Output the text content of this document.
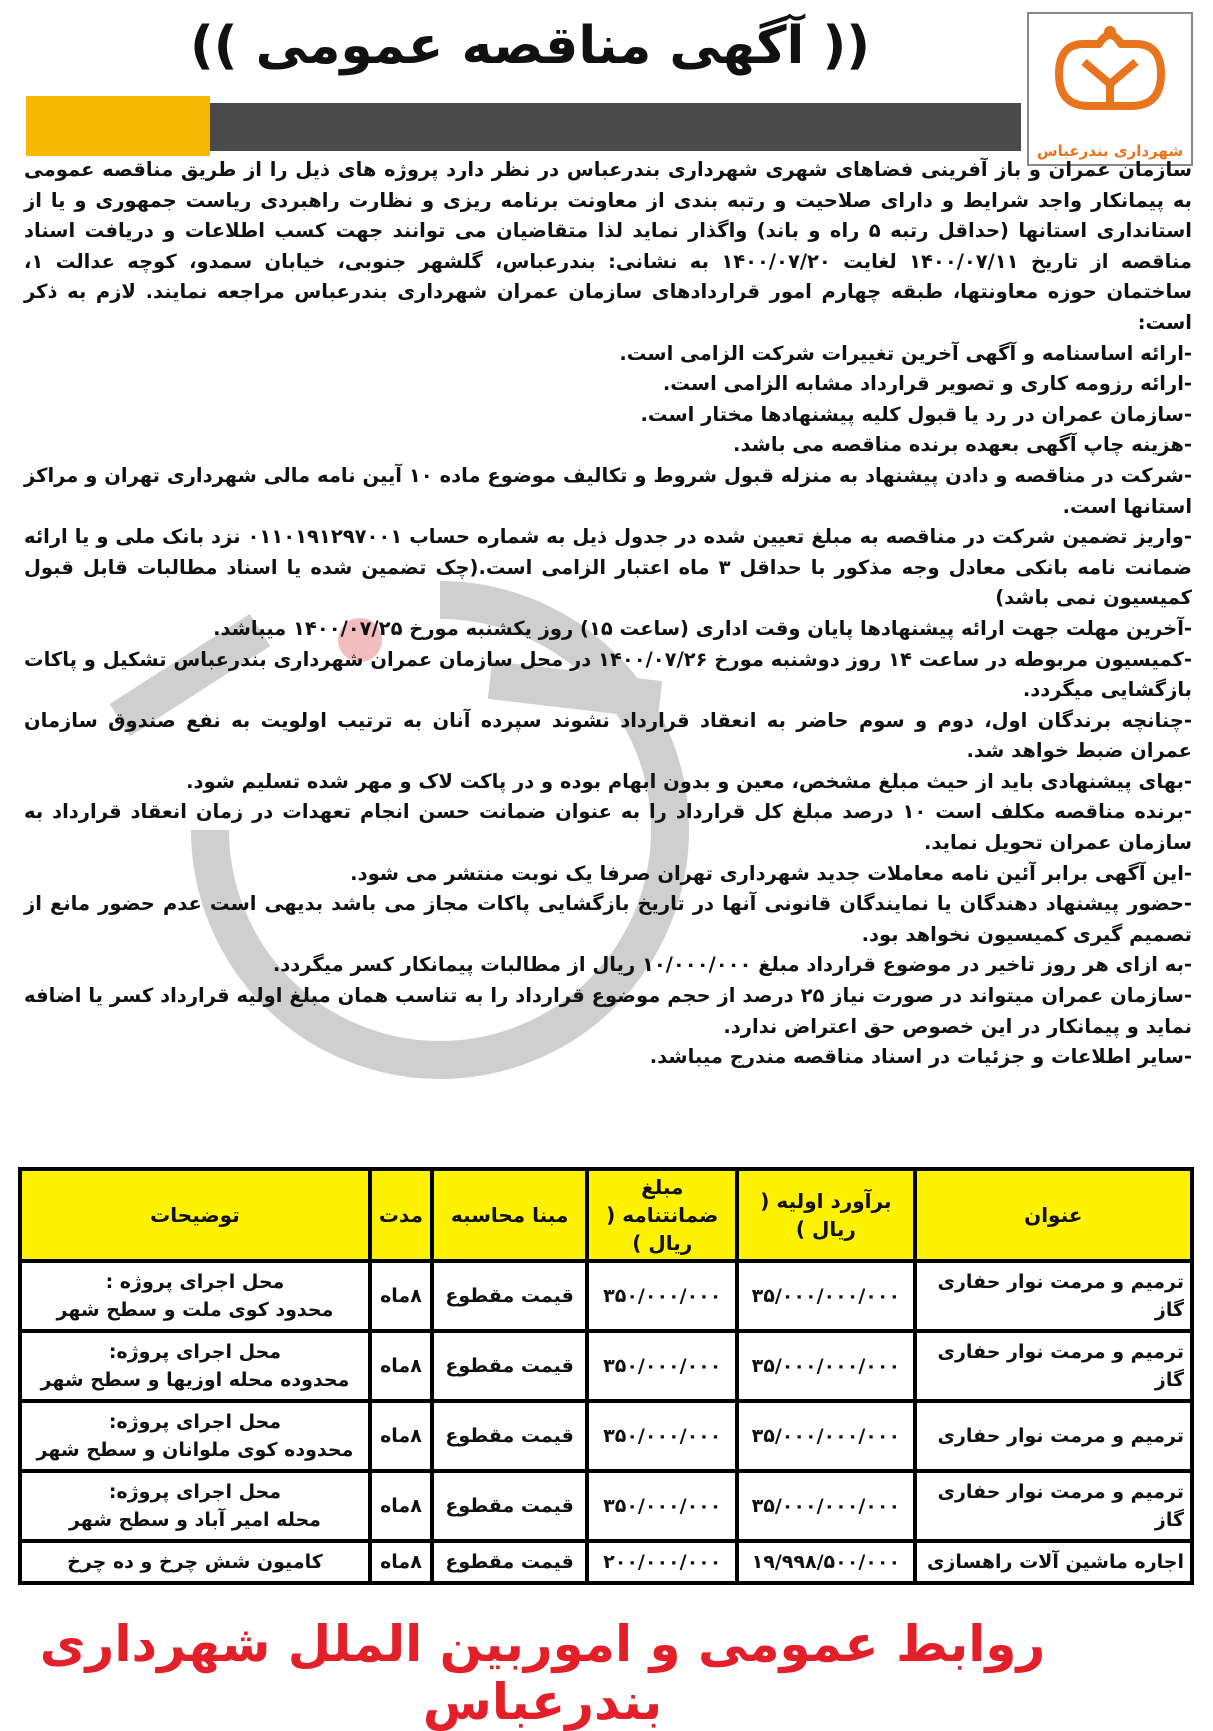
(( آگهی مناقصه عمومی ))
شهرداری بندرعباس

سازمان عمران و باز آفرینی فضاهای شهری شهرداری بندرعباس در نظر دارد پروژه های ذیل را از طریق مناقصه عمومی به پیمانکار واجد شرایط و دارای صلاحیت و رتبه بندی از معاونت برنامه ریزی و نظارت راهبردی ریاست جمهوری و یا از استانداری استانها (حداقل رتبه ۵ راه و باند) واگذار نماید لذا متقاضیان می توانند جهت کسب اطلاعات و دریافت اسناد مناقصه از تاریخ ۱۴۰۰/۰۷/۱۱ لغایت ۱۴۰۰/۰۷/۲۰ به نشانی: بندرعباس، گلشهر جنوبی، خیابان سمدو، کوچه عدالت ۱، ساختمان حوزه معاونتها، طبقه چهارم امور قراردادهای سازمان عمران شهرداری بندرعباس مراجعه نمایند. لازم به ذکر است:

-ارائه اساسنامه و آگهی آخرین تغییرات شرکت الزامی است.

-ارائه رزومه کاری و تصویر قرارداد مشابه الزامی است.

-سازمان عمران در رد یا قبول کلیه پیشنهادها مختار است.

-هزینه چاپ آگهی بعهده برنده مناقصه می باشد.

-شرکت در مناقصه و دادن پیشنهاد به منزله قبول شروط و تکالیف موضوع ماده ۱۰ آیین نامه مالی شهرداری تهران و مراکز استانها است.

-واریز تضمین شرکت در مناقصه به مبلغ تعیین شده در جدول ذیل به شماره حساب ۰۱۱۰۱۹۱۲۹۷۰۰۱ نزد بانک ملی و یا ارائه ضمانت نامه بانکی معادل وجه مذکور با حداقل ۳ ماه اعتبار الزامی است.(چک تضمین شده یا اسناد مطالبات قابل قبول کمیسیون نمی باشد)

-آخرین مهلت جهت ارائه پیشنهادها پایان وقت اداری (ساعت ۱۵) روز یکشنبه مورخ ۱۴۰۰/۰۷/۲۵ میباشد.

-کمیسیون مربوطه در ساعت ۱۴ روز دوشنبه مورخ ۱۴۰۰/۰۷/۲۶ در محل سازمان عمران شهرداری بندرعباس تشکیل و پاکات بازگشایی میگردد.

-چنانچه برندگان اول، دوم و سوم حاضر به انعقاد قرارداد نشوند سپرده آنان به ترتیب اولویت به نفع صندوق سازمان عمران ضبط خواهد شد.

-بهای پیشنهادی باید از حیث مبلغ مشخص، معین و بدون ابهام بوده و در پاکت لاک و مهر شده تسلیم شود.

-برنده مناقصه مکلف است ۱۰ درصد مبلغ کل قرارداد را به عنوان ضمانت حسن انجام تعهدات در زمان انعقاد قرارداد به سازمان عمران تحویل نماید.

-این آگهی برابر آئین نامه معاملات جدید شهرداری تهران صرفا یک نوبت منتشر می شود.

-حضور پیشنهاد دهندگان یا نمایندگان قانونی آنها در تاریخ بازگشایی پاکات مجاز می باشد بدیهی است عدم حضور مانع از تصمیم گیری کمیسیون نخواهد بود.

-به ازای هر روز تاخیر در موضوع قرارداد مبلغ ۱۰/۰۰۰/۰۰۰ ریال از مطالبات پیمانکار کسر میگردد.

-سازمان عمران میتواند در صورت نیاز ۲۵ درصد از حجم موضوع قرارداد را به تناسب همان مبلغ اولیه قرارداد کسر یا اضافه نماید و پیمانکار در این خصوص حق اعتراض ندارد.

-سایر اطلاعات و جزئیات در اسناد مناقصه مندرج میباشد.

عنوان	برآورد اولیه ( ریال )	مبلغ ضمانتنامه ( ریال )	مبنا محاسبه	مدت	توضیحات
ترمیم و مرمت نوار حفاری گاز	۳۵/۰۰۰/۰۰۰/۰۰۰	۳۵۰/۰۰۰/۰۰۰	قیمت مقطوع	۸ماه	محل اجرای پروژه :
محدود کوی ملت و سطح شهر

ترمیم و مرمت نوار حفاری گاز	۳۵/۰۰۰/۰۰۰/۰۰۰	۳۵۰/۰۰۰/۰۰۰	قیمت مقطوع	۸ماه	محل اجرای پروژه:
محدوده محله اوزیها و سطح شهر

ترمیم و مرمت نوار حفاری	۳۵/۰۰۰/۰۰۰/۰۰۰	۳۵۰/۰۰۰/۰۰۰	قیمت مقطوع	۸ماه	محل اجرای پروژه:
محدوده کوی ملوانان و سطح شهر

ترمیم و مرمت نوار حفاری گاز	۳۵/۰۰۰/۰۰۰/۰۰۰	۳۵۰/۰۰۰/۰۰۰	قیمت مقطوع	۸ماه	محل اجرای پروژه:
محله امیر آباد و سطح شهر

اجاره ماشین آلات راهسازی	۱۹/۹۹۸/۵۰۰/۰۰۰	۲۰۰/۰۰۰/۰۰۰	قیمت مقطوع	۸ماه	کامیون شش چرخ و ده چرخ
روابط عمومی و اموربین الملل شهرداری بندرعباس
